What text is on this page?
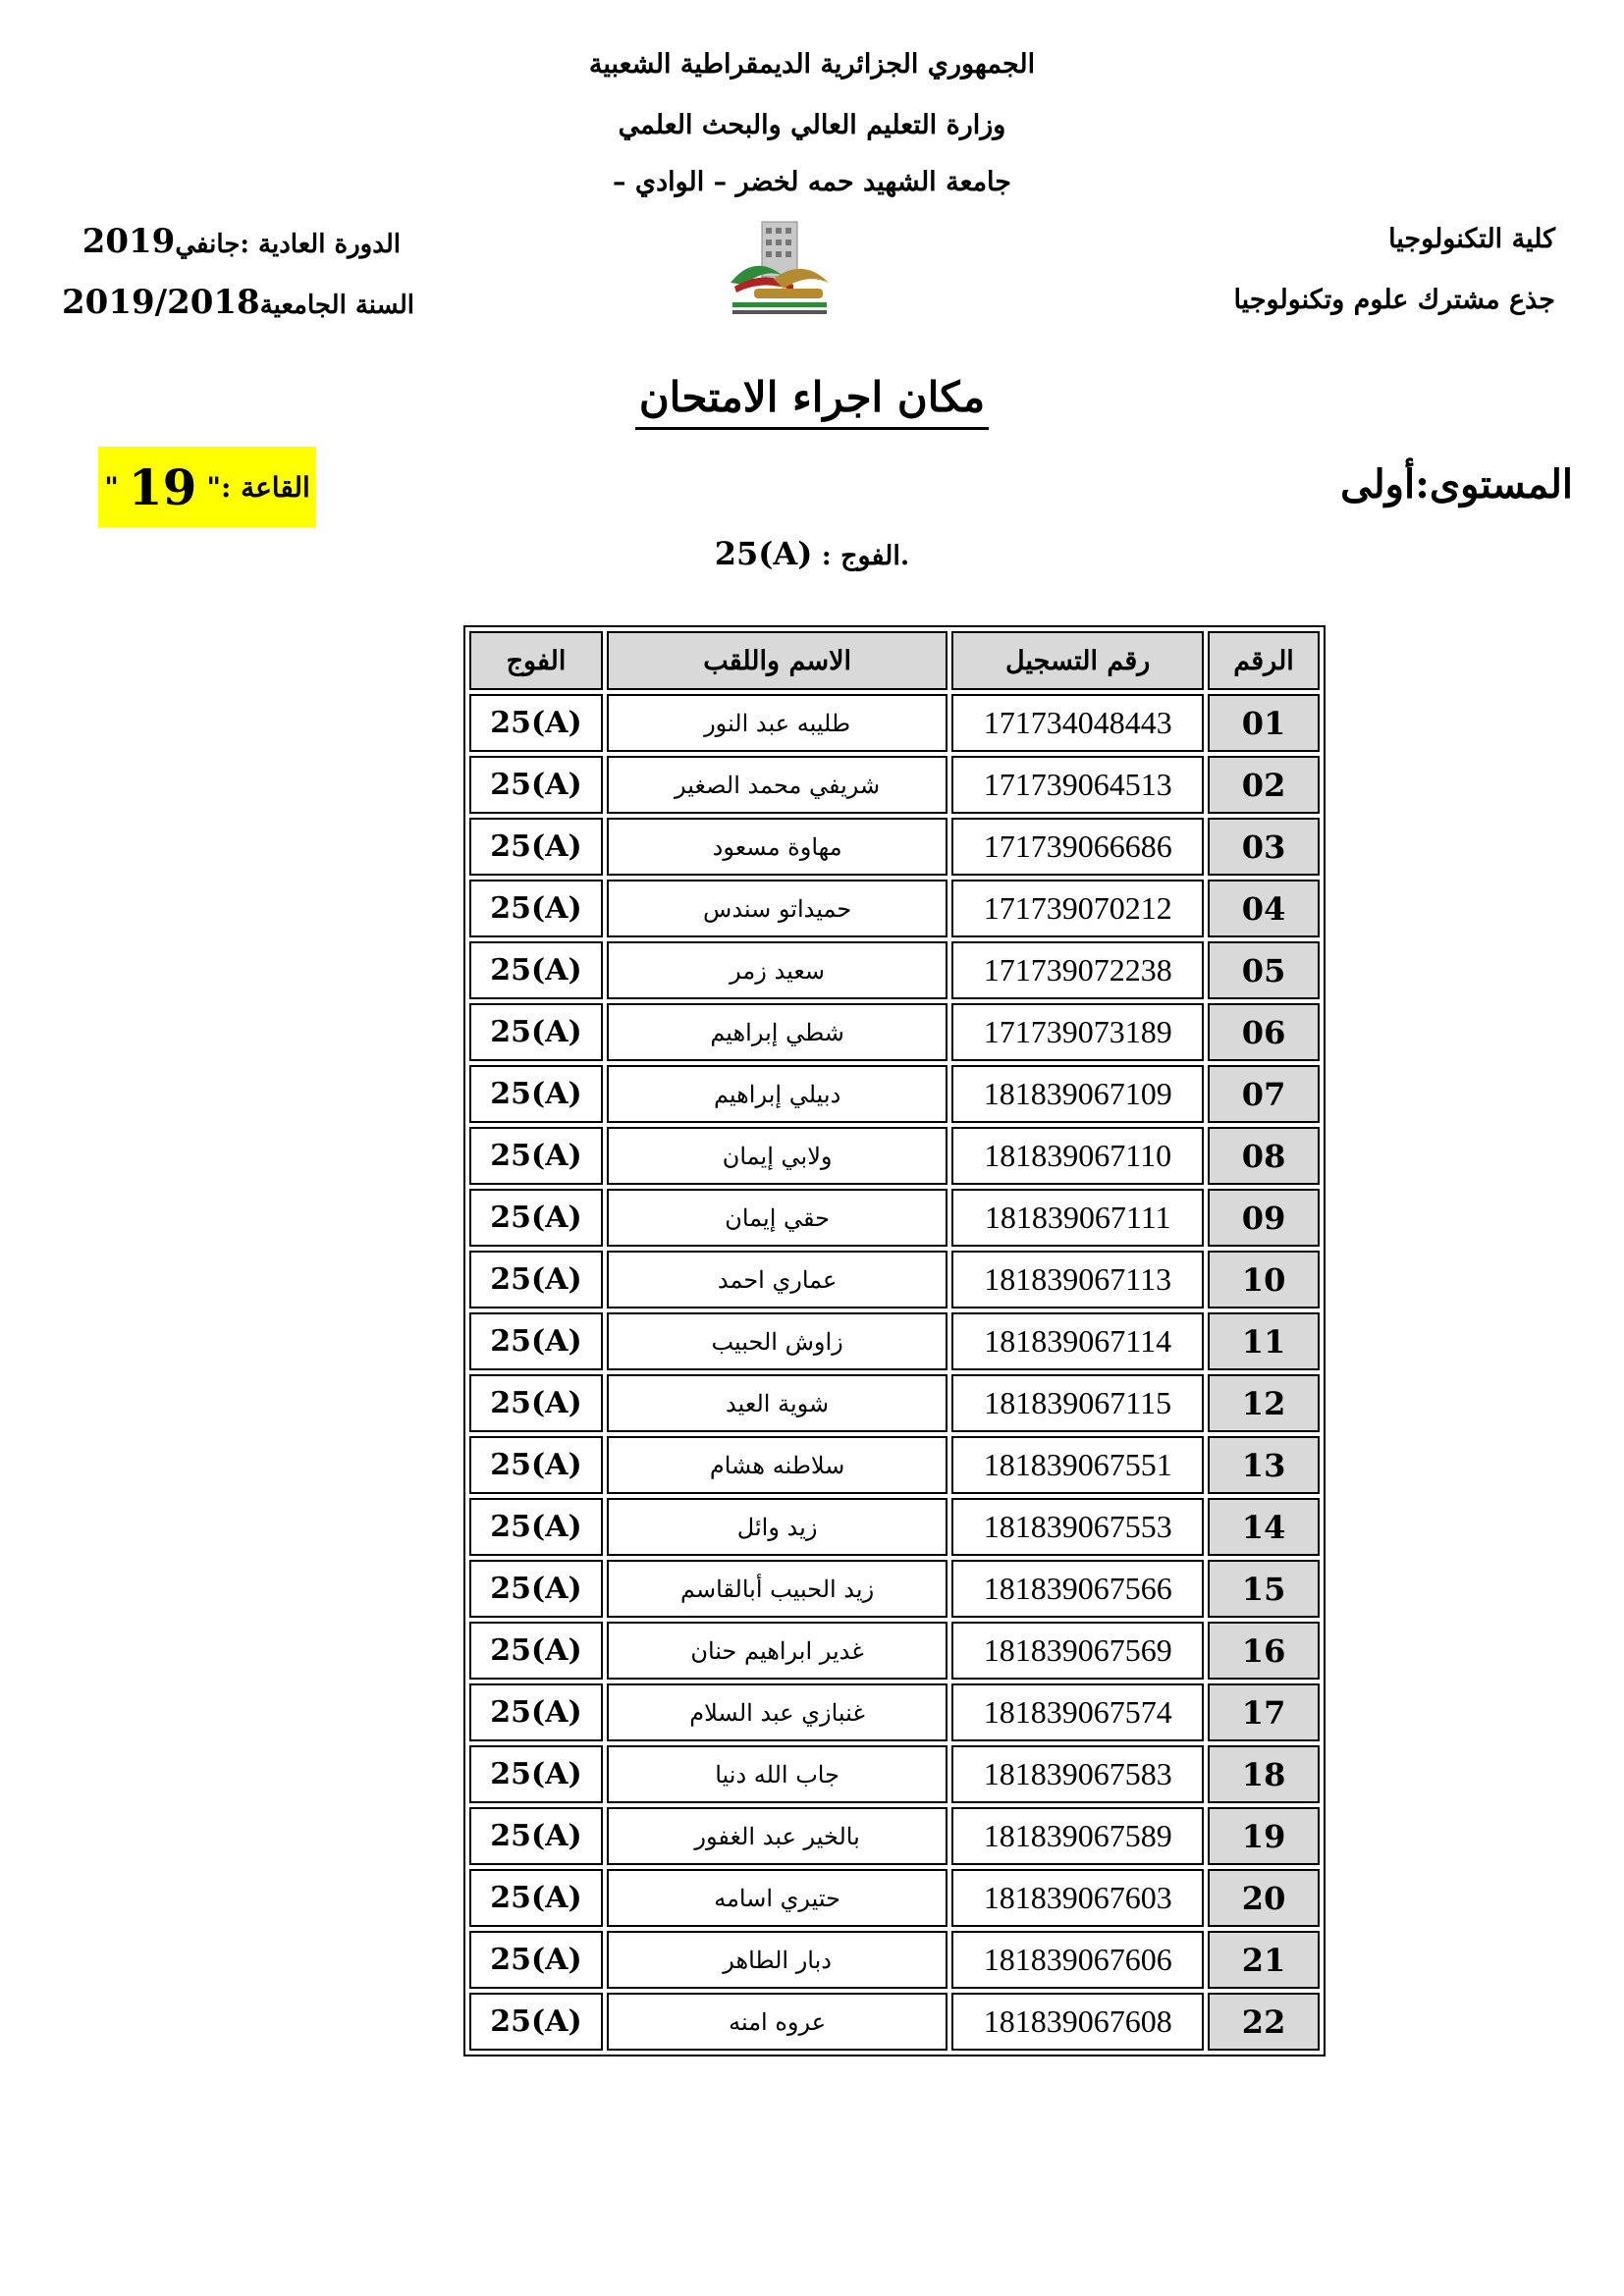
الجمهوري الجزائرية الديمقراطية الشعبية
وزارة التعليم العالي والبحث العلمي
جامعة الشهيد حمه لخضر – الوادي –
كلية التكنولوجيا
جذع مشترك علوم وتكنولوجيا
الدورة العادية :جانفي2019
السنة الجامعية2019/2018
مكان اجراء الامتحان
المستوى:أولى
القاعة :
"
19
"
.الفوج : 25(A)
الرقم	رقم التسجيل	الاسم واللقب	الفوج
01	171734048443	طليبه عبد النور	25(A)
02	171739064513	شريفي محمد الصغير	25(A)
03	171739066686	مهاوة مسعود	25(A)
04	171739070212	حميداتو سندس	25(A)
05	171739072238	سعيد زمر	25(A)
06	171739073189	شطي إبراهيم	25(A)
07	181839067109	دبيلي إبراهيم	25(A)
08	181839067110	ولابي إيمان	25(A)
09	181839067111	حقي إيمان	25(A)
10	181839067113	عماري احمد	25(A)
11	181839067114	زاوش الحبيب	25(A)
12	181839067115	شوية العيد	25(A)
13	181839067551	سلاطنه هشام	25(A)
14	181839067553	زيد وائل	25(A)
15	181839067566	زيد الحبيب أبالقاسم	25(A)
16	181839067569	غدير ابراهيم حنان	25(A)
17	181839067574	غنبازي عبد السلام	25(A)
18	181839067583	جاب الله دنيا	25(A)
19	181839067589	بالخير عبد الغفور	25(A)
20	181839067603	حتيري اسامه	25(A)
21	181839067606	دبار الطاهر	25(A)
22	181839067608	عروه امنه	25(A)
